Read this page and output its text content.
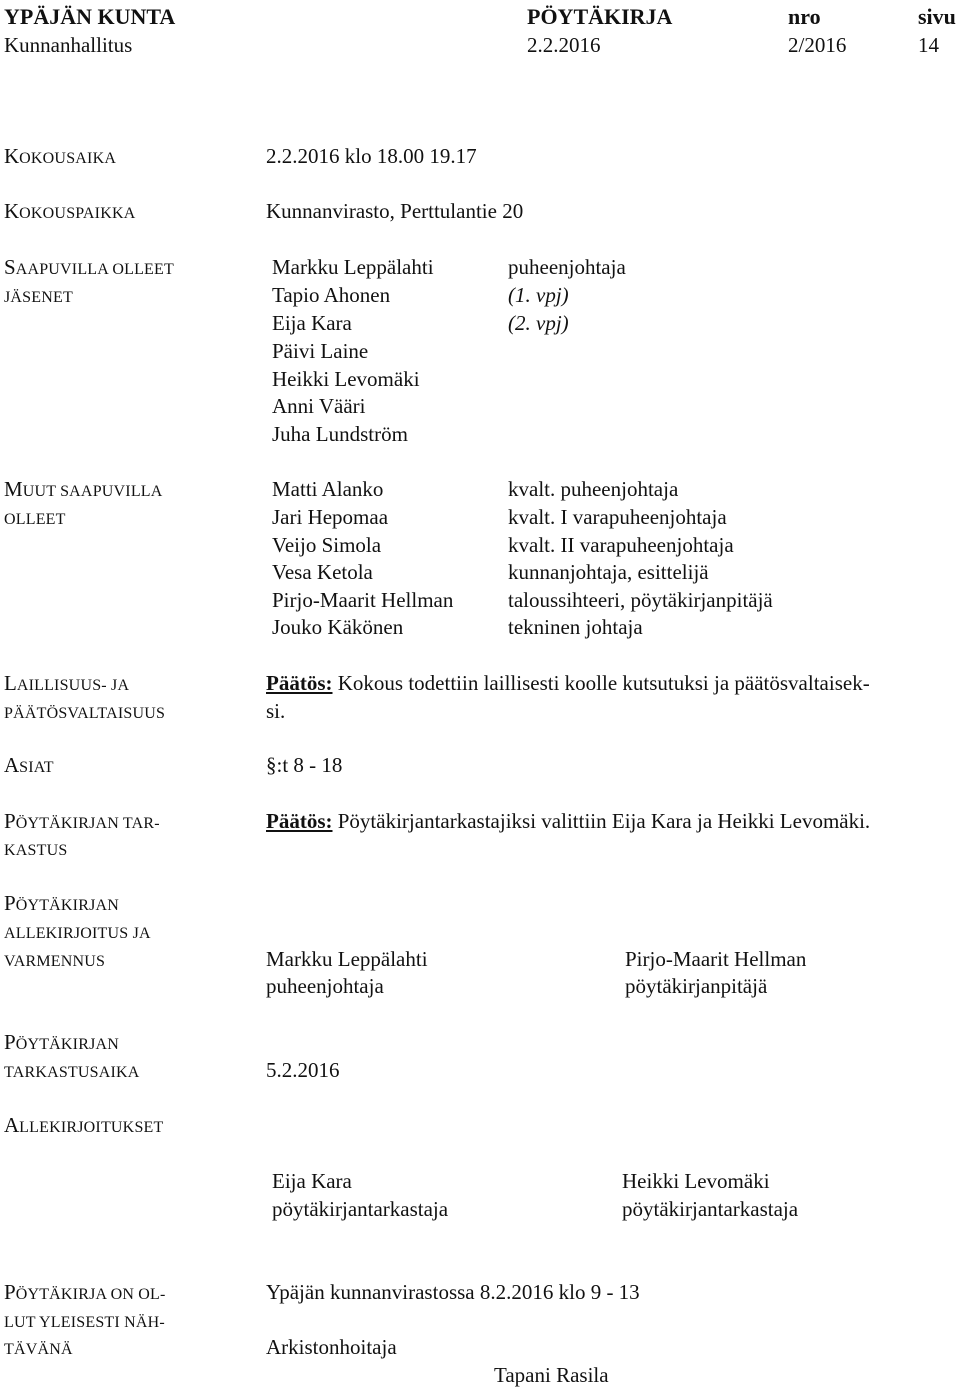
YPÄJÄN KUNTA	PÖYTÄKIRJA	nro	sivu
Kunnanhallitus	2.2.2016	2/2016	14
KOKOUSAIKA	2.2.2016 klo 18.00 19.17
KOKOUSPAIKKA	Kunnanvirasto, Perttulantie 20
SAAPUVILLA OLLEET
JÄSENET
Markku Leppälahti	puheenjohtaja
Tapio Ahonen	(1. vpj)
Eija Kara	(2. vpj)
Päivi Laine
Heikki Levomäki
Anni Vääri
Juha Lundström
MUUT SAAPUVILLA
OLLEET
Matti Alanko	kvalt. puheenjohtaja
Jari Hepomaa	kvalt. I varapuheenjohtaja
Veijo Simola	kvalt. II varapuheenjohtaja
Vesa Ketola	kunnanjohtaja, esittelijä
Pirjo-Maarit Hellman	taloussihteeri, pöytäkirjanpitäjä
Jouko Käkönen	tekninen johtaja
LAILLISUUS- JA
PÄÄTÖSVALTAISUUS
Päätös: Kokous todettiin laillisesti koolle kutsutuksi ja päätösvaltaisek-
si.
ASIAT	§:t 8 - 18
PÖYTÄKIRJAN TAR-
KASTUS
Päätös: Pöytäkirjantarkastajiksi valittiin Eija Kara ja Heikki Levomäki.
PÖYTÄKIRJAN
ALLEKIRJOITUS JA
VARMENNUS	Markku Leppälahti
puheenjohtaja
Pirjo-Maarit Hellman
pöytäkirjanpitäjä
PÖYTÄKIRJAN
TARKASTUSAIKA	5.2.2016
ALLEKIRJOITUKSET
Eija Kara
pöytäkirjantarkastaja
Heikki Levomäki
pöytäkirjantarkastaja
PÖYTÄKIRJA ON OL-
LUT YLEISESTI NÄH-
TÄVÄNÄ
Ypäjän kunnanvirastossa 8.2.2016 klo 9 - 13
Arkistonhoitaja
Tapani Rasila
